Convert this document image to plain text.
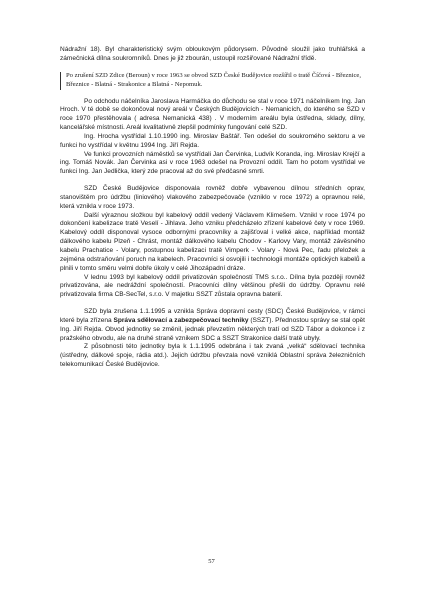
Nádražní 18). Byl charakteristický svým obloukovým půdorysem. Původně sloužil jako truhlářská a zámečnická dílna soukromníků. Dnes je již zbourán, ustoupil rozšiřované Nádražní třídě.

Po zrušení SZD Zdice (Beroun) v roce 1963 se obvod SZD České Budějovice rozšířil o tratě Číčová - Březnice, Březnice - Blatná - Strakonice a Blatná - Nepomuk.

Po odchodu náčelníka Jaroslava Harmáčka do důchodu se stal v roce 1971 náčelníkem Ing. Jan Hroch. V té době se dokončoval nový areál v Českých Budějovicích - Nemanicích, do kterého se SZD v roce 1970 přestěhovala ( adresa Nemanická 438) . V moderním areálu byla ústředna, sklady, dílny, kancelářské místnosti. Areál kvalitativně zlepšil podmínky fungování celé SZD.

Ing. Hrocha vystřídal 1.10.1990 ing. Miroslav Baštář. Ten odešel do soukromého sektoru a ve funkci ho vystřídal v květnu 1994 Ing. Jiří Rejda.

Ve funkci provozních náměstků se vystřídali Jan Červinka, Ludvík Koranda, ing. Miroslav Krejčí a ing. Tomáš Novák. Jan Červinka asi v roce 1963 odešel na Provozní oddíl. Tam ho potom vystřídal ve funkci Ing. Jan Jedlička, který zde pracoval až do své předčasné smrti.

SZD České Budějovice disponovala rovněž dobře vybavenou dílnou středních oprav, stanovištěm pro údržbu (liniového) vlakového zabezpečovače (vzniklo v roce 1972) a opravnou relé, která vznikla v roce 1973.

Další výraznou složkou byl kabelový oddíl vedený Václavem Klimešem. Vznikl v roce 1974 po dokončení kabelizace tratě Veselí - Jihlava. Jeho vzniku předcházelo zřízení kabelové čety v roce 1969. Kabelový oddíl disponoval vysoce odbornými pracovníky a zajišťoval i velké akce, například montáž dálkového kabelu Plzeň - Chrást, montáž dálkového kabelu Chodov - Karlovy Vary, montáž závěsného kabelu Prachatice - Volary, postupnou kabelizaci tratě Vimperk - Volary - Nová Pec, řadu přeložek a zejména odstraňování poruch na kabelech. Pracovníci si osvojili i technologii montáže optických kabelů a plnili v tomto směru velmi dobře úkoly v celé Jihozápadní dráze.

V lednu 1993 byl kabelový oddíl privatizován společností TMS s.r.o.. Dílna byla později rovněž privatizována, ale nedráždní společností. Pracovníci dílny většinou přešli do údržby. Opravnu relé privatizovala firma CB-SecTel, s.r.o. V majetku SSZT zůstala opravna baterií.

SZD byla zrušena 1.1.1995 a vznikla Správa dopravní cesty (SDC) České Budějovice, v rámci které byla zřízena Správa sdělovací a zabezpečovací techniky (SSZT). Přednostou správy se stal opět Ing. Jiří Rejda. Obvod jednotky se změnil, jednak převzetím některých tratí od SZD Tábor a dokonce i z pražského obvodu, ale na druhé straně vznikem SDC a SSZT Strakonice další tratě ubyly.

Z působnosti této jednotky byla k 1.1.1995 odebrána i tak zvaná „velká“ sdělovací technika (ústředny, dálkové spoje, rádia atd.). Jejich údržbu převzala nově vzniklá Oblastní správa železničních telekomunikací České Budějovice.

57
